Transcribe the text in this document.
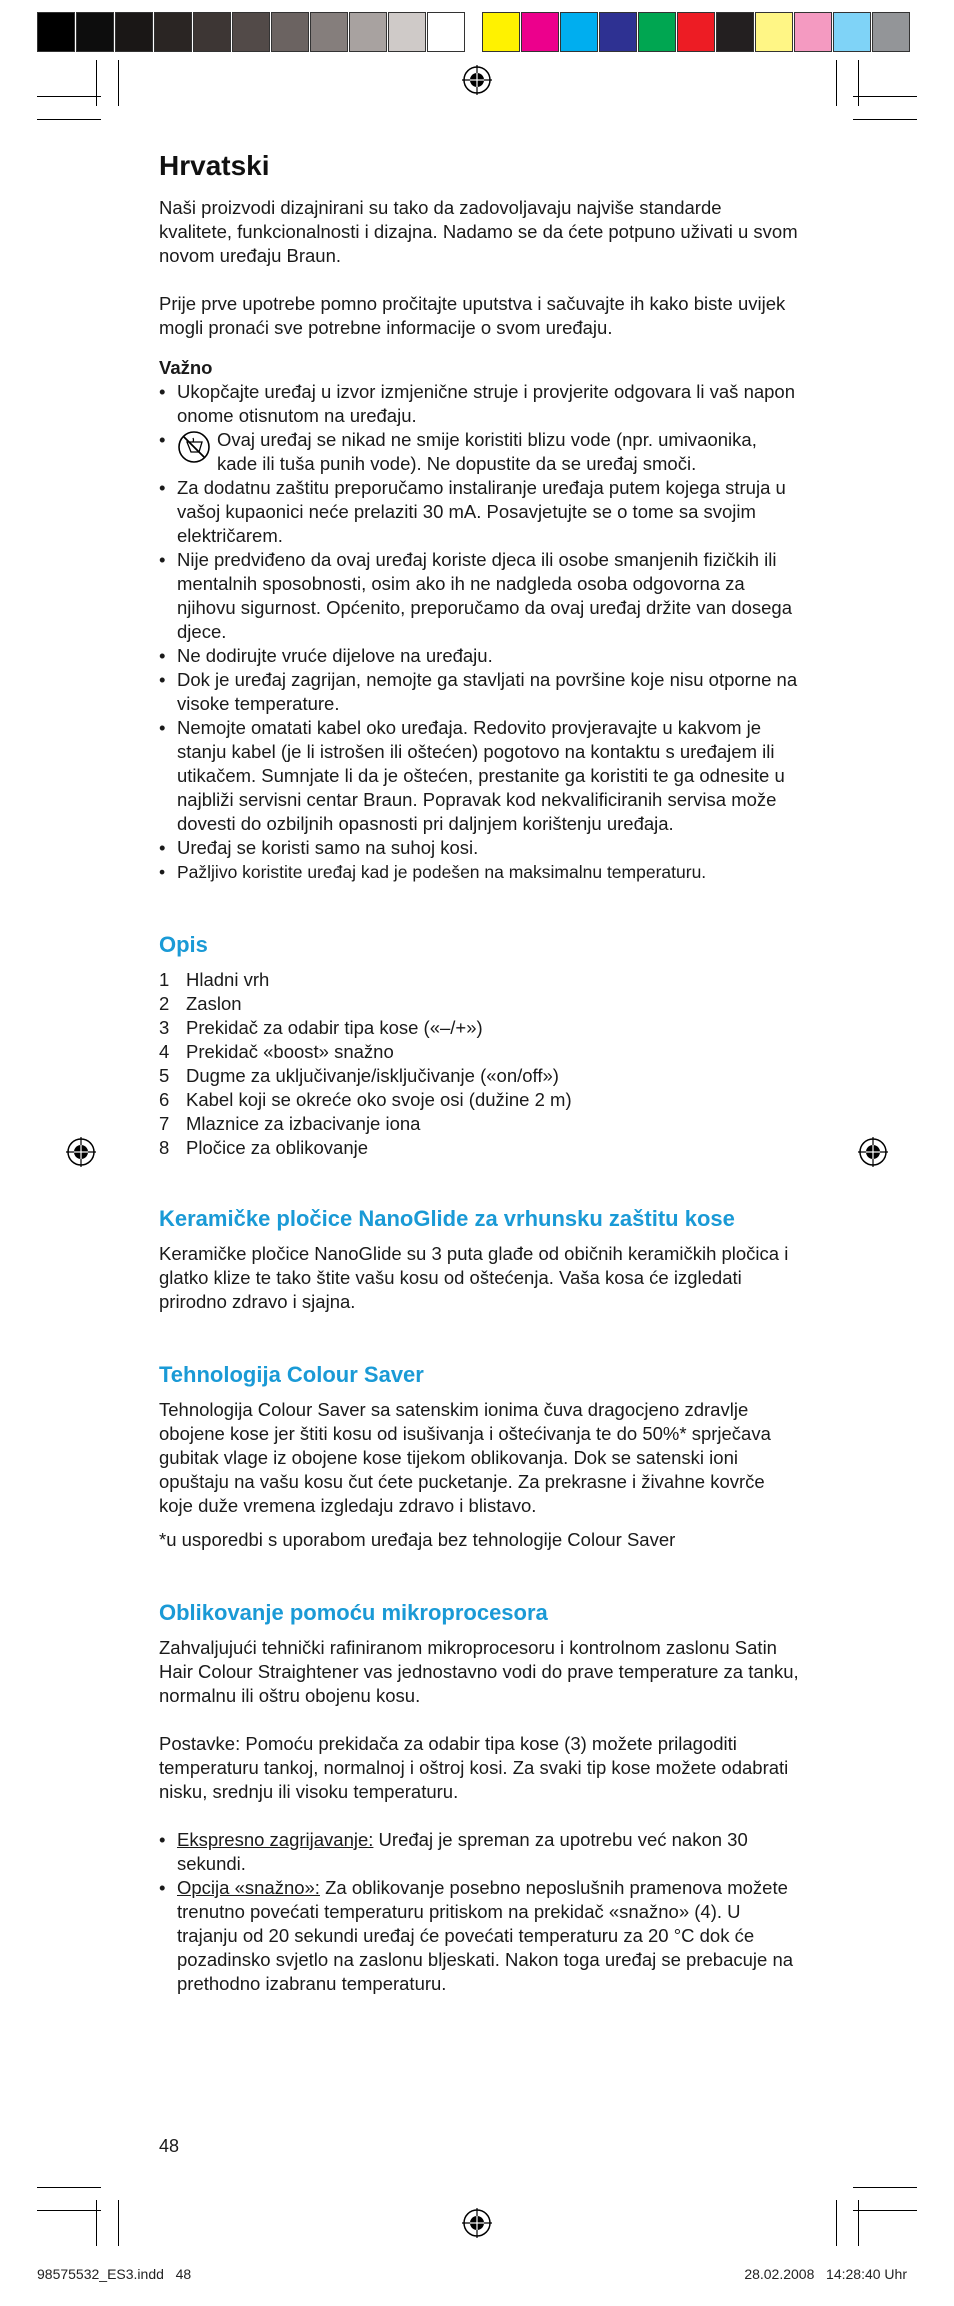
Hrvatski

Naši proizvodi dizajnirani su tako da zadovoljavaju najviše standarde kvalitete, funkcionalnosti i dizajna. Nadamo se da ćete potpuno uživati u svom novom uređaju Braun.

Prije prve upotrebe pomno pročitajte uputstva i sačuvajte ih kako biste uvijek mogli pronaći sve potrebne informacije o svom uređaju.

Važno
• Ukopčajte uređaj u izvor izmjenične struje i provjerite odgovara li vaš napon onome otisnutom na uređaju.
• Ovaj uređaj se nikad ne smije koristiti blizu vode (npr. umivaonika, kade ili tuša punih vode). Ne dopustite da se uređaj smoči.
• Za dodatnu zaštitu preporučamo instaliranje uređaja putem kojega struja u vašoj kupaonici neće prelaziti 30 mA. Posavjetujte se o tome sa svojim električarem.
• Nije predviđeno da ovaj uređaj koriste djeca ili osobe smanjenih fizičkih ili mentalnih sposobnosti, osim ako ih ne nadgleda osoba odgovorna za njihovu sigurnost. Općenito, preporučamo da ovaj uređaj držite van dosega djece.
• Ne dodirujte vruće dijelove na uređaju.
• Dok je uređaj zagrijan, nemojte ga stavljati na površine koje nisu otporne na visoke temperature.
• Nemojte omatati kabel oko uređaja. Redovito provjeravajte u kakvom je stanju kabel (je li istrošen ili oštećen) pogotovo na kontaktu s uređajem ili utikačem. Sumnjate li da je oštećen, prestanite ga koristiti te ga odnesite u najbliži servisni centar Braun. Popravak kod nekvalificiranih servisa može dovesti do ozbiljnih opasnosti pri daljnjem korištenju uređaja.
• Uređaj se koristi samo na suhoj kosi.
• Pažljivo koristite uređaj kad je podešen na maksimalnu temperaturu.
Opis
1 Hladni vrh
2 Zaslon
3 Prekidač za odabir tipa kose («–/+»)
4 Prekidač «boost» snažno
5 Dugme za uključivanje/isključivanje («on/off»)
6 Kabel koji se okreće oko svoje osi (dužine 2 m)
7 Mlaznice za izbacivanje iona
8 Pločice za oblikovanje
Keramičke pločice NanoGlide za vrhunsku zaštitu kose

Keramičke pločice NanoGlide su 3 puta glađe od običnih keramičkih pločica i glatko klize te tako štite vašu kosu od oštećenja. Vaša kosa će izgledati prirodno zdravo i sjajna.

Tehnologija Colour Saver

Tehnologija Colour Saver sa satenskim ionima čuva dragocjeno zdravlje obojene kose jer štiti kosu od isušivanja i oštećivanja te do 50%* sprječava gubitak vlage iz obojene kose tijekom oblikovanja. Dok se satenski ioni opuštaju na vašu kosu čut ćete pucketanje. Za prekrasne i živahne kovrče koje duže vremena izgledaju zdravo i blistavo.

*u usporedbi s uporabom uređaja bez tehnologije Colour Saver

Oblikovanje pomoću mikroprocesora

Zahvaljujući tehnički rafiniranom mikroprocesoru i kontrolnom zaslonu Satin Hair Colour Straightener vas jednostavno vodi do prave temperature za tanku, normalnu ili oštru obojenu kosu.

Postavke: Pomoću prekidača za odabir tipa kose (3) možete prilagoditi temperaturu tankoj, normalnoj i oštroj kosi. Za svaki tip kose možete odabrati nisku, srednju ili visoku temperaturu.

• Ekspresno zagrijavanje: Uređaj je spreman za upotrebu već nakon 30 sekundi.
• Opcija «snažno»: Za oblikovanje posebno neposlušnih pramenova možete trenutno povećati temperaturu pritiskom na prekidač «snažno» (4). U trajanju od 20 sekundi uređaj će povećati temperaturu za 20 °C dok će pozadinsko svjetlo na zaslonu bljeskati. Nakon toga uređaj se prebacuje na prethodno izabranu temperaturu.
48
98575532_ES3.indd   48	28.02.2008   14:28:40 Uhr
